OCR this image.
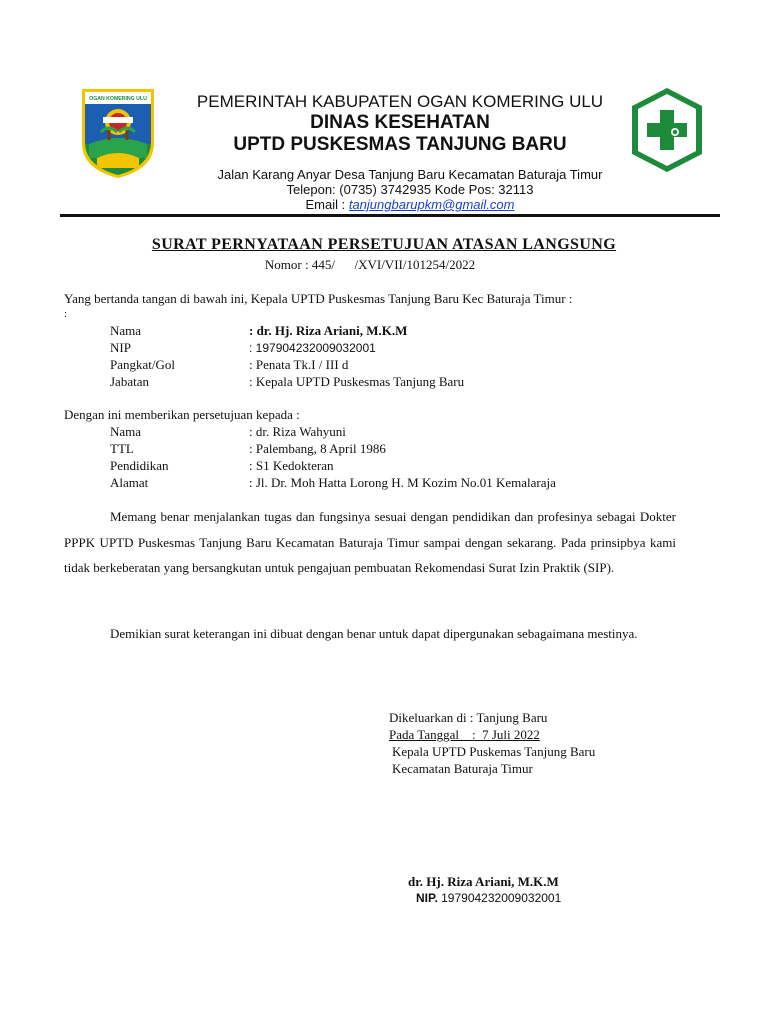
OGAN KOMERING ULU	PEMERINTAH KABUPATEN OGAN KOMERING ULU
DINAS KESEHATAN
UPTD PUSKESMAS TANJUNG BARU
Jalan Karang Anyar Desa Tanjung Baru Kecamatan Baturaja Timur
Telepon: (0735) 3742935 Kode Pos: 32113
Email : tanjungbarupkm@gmail.com
SURAT PERNYATAAN PERSETUJUAN ATASAN LANGSUNG
Nomor : 445/      /XVI/VII/101254/2022
Yang bertanda tangan di bawah ini, Kepala UPTD Puskesmas Tanjung Baru Kec Baturaja Timur :
:
Nama	: dr. Hj. Riza Ariani, M.K.M
NIP	: 197904232009032001
Pangkat/Gol	: Penata Tk.I / III d
Jabatan	: Kepala UPTD Puskesmas Tanjung Baru
Dengan ini memberikan persetujuan kepada :
Nama	: dr. Riza Wahyuni
TTL	: Palembang, 8 April 1986
Pendidikan	: S1 Kedokteran
Alamat	: Jl. Dr. Moh Hatta Lorong H. M Kozim No.01 Kemalaraja
Memang benar menjalankan tugas dan fungsinya sesuai dengan pendidikan dan profesinya sebagai Dokter PPPK UPTD Puskesmas Tanjung Baru Kecamatan Baturaja Timur sampai dengan sekarang. Pada prinsipbya kami tidak berkeberatan yang bersangkutan untuk pengajuan pembuatan Rekomendasi Surat Izin Praktik (SIP).
Demikian surat keterangan ini dibuat dengan benar untuk dapat dipergunakan sebagaimana mestinya.
Dikeluarkan di : Tanjung Baru
Pada Tanggal    :  7 Juli 2022
Kepala UPTD Puskemas Tanjung Baru
Kecamatan Baturaja Timur
dr. Hj. Riza Ariani, M.K.M
NIP. 197904232009032001
